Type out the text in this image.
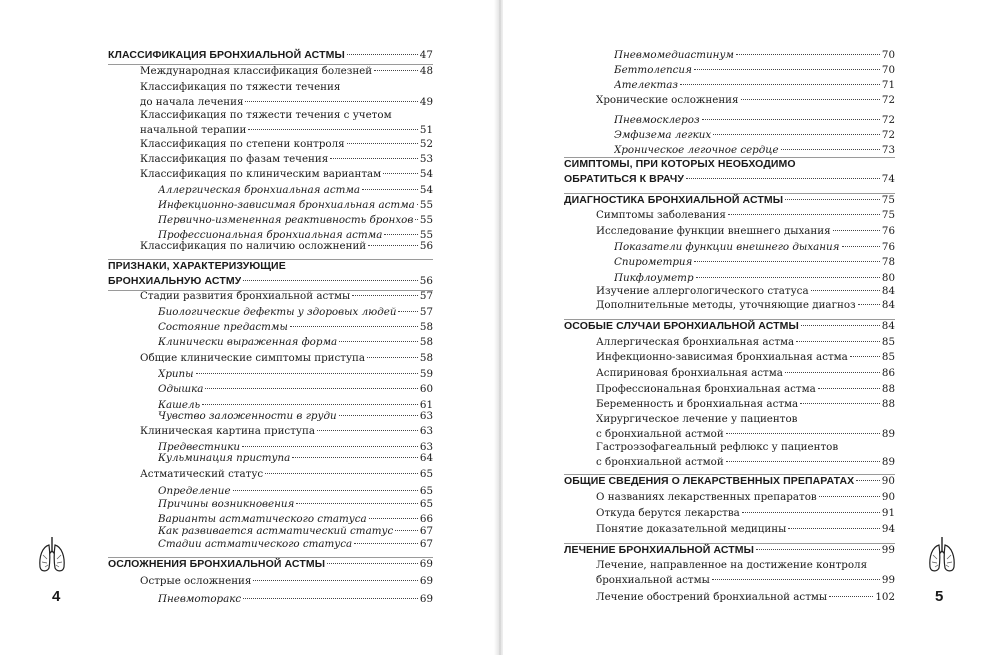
КЛАССИФИКАЦИЯ БРОНХИАЛЬНОЙ АСТМЫ	47
Международная классификация болезней	48
Классификация по тяжести течения
до начала лечения	49
Классификация по тяжести течения с учетом
начальной терапии	51
Классификация по степени контроля	52
Классификация по фазам течения	53
Классификация по клиническим вариантам	54
Аллергическая бронхиальная астма	54
Инфекционно-зависимая бронхиальная астма 55
Первично-измененная реактивность бронхов 55
Профессиональная бронхиальная астма	55
Классификация по наличию осложнений	56
ПРИЗНАКИ, ХАРАКТЕРИЗУЮЩИЕ
БРОНХИАЛЬНУЮ АСТМУ	56
Стадии развития бронхиальной астмы	57
Биологические дефекты у здоровых людей 57
Состояние предастмы	58
Клинически выраженная форма	58
Общие клинические симптомы приступа	58
Хрипы	59
Одышка	60
Кашель	61
Чувство заложенности в груди	63
Клиническая картина приступа	63
Предвестники	63
Кульминация приступа	64
Астматический статус	65
Определение	65
Причины возникновения	65
Варианты астматического статуса	66
Как развивается астматический статус	67
Стадии астматического статуса	67
ОСЛОЖНЕНИЯ БРОНХИАЛЬНОЙ АСТМЫ	69
Острые осложнения	69
Пневмоторакс	69
4
Пневмомедиастинум	70
Беттолепсия	70
Ателектаз	71
Хронические осложнения	72
Пневмосклероз	72
Эмфизема легких	72
Хроническое легочное сердце	73
СИМПТОМЫ, ПРИ КОТОРЫХ НЕОБХОДИМО
ОБРАТИТЬСЯ К ВРАЧУ	74
ДИАГНОСТИКА БРОНХИАЛЬНОЙ АСТМЫ	75
Симптомы заболевания	75
Исследование функции внешнего дыхания	76
Показатели функции внешнего дыхания	76
Спирометрия	78
Пикфлоуметр	80
Изучение аллергологического статуса	84
Дополнительные методы, уточняющие диагноз	84
ОСОБЫЕ СЛУЧАИ БРОНХИАЛЬНОЙ АСТМЫ	84
Аллергическая бронхиальная астма	85
Инфекционно-зависимая бронхиальная астма	85
Аспириновая бронхиальная астма	86
Профессиональная бронхиальная астма	88
Беременность и бронхиальная астма	88
Хирургическое лечение у пациентов
с бронхиальной астмой	89
Гастроэзофагеальный рефлюкс у пациентов
с бронхиальной астмой	89
ОБЩИЕ СВЕДЕНИЯ О ЛЕКАРСТВЕННЫХ ПРЕПАРАТАХ	90
О названиях лекарственных препаратов	90
Откуда берутся лекарства	91
Понятие доказательной медицины	94
ЛЕЧЕНИЕ БРОНХИАЛЬНОЙ АСТМЫ	99
Лечение, направленное на достижение контроля
бронхиальной астмы	99
Лечение обострений бронхиальной астмы	102	5
